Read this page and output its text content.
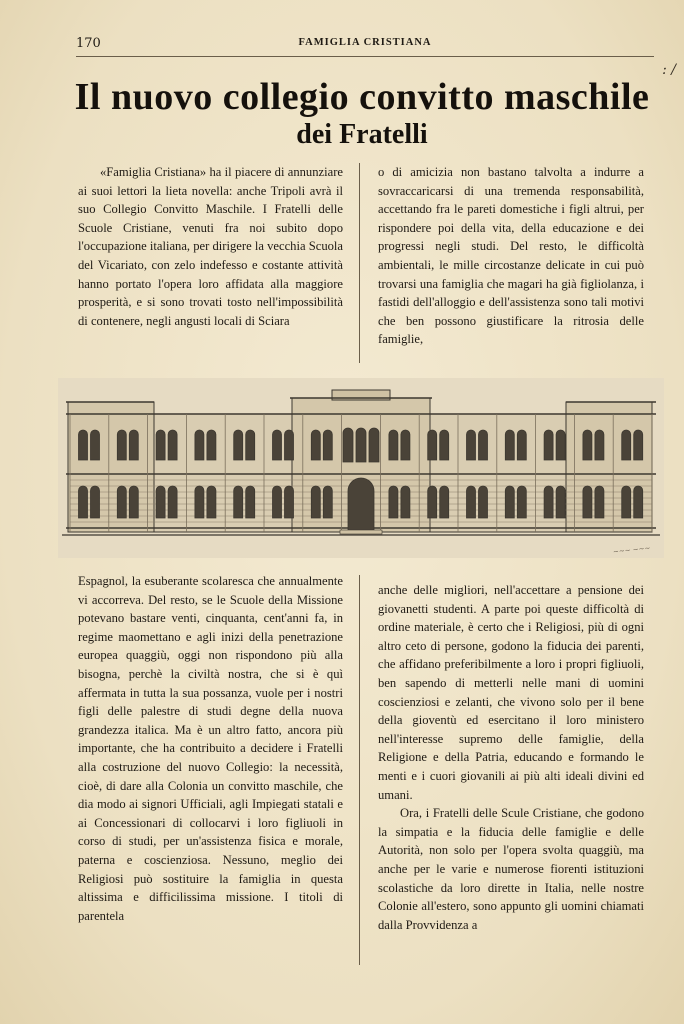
170	FAMIGLIA CRISTIANA
: /
Il nuovo collegio convitto maschile
dei Fratelli

«Famiglia Cristiana» ha il piacere di annunziare ai suoi lettori la lieta novella: anche Tripoli avrà il suo Collegio Convitto Maschile. I Fratelli delle Scuole Cristiane, venuti fra noi subito dopo l'occupazione italiana, per dirigere la vecchia Scuola del Vicariato, con zelo indefesso e costante attività hanno portato l'opera loro affidata alla maggiore prosperità, e si sono trovati tosto nell'impossibilità di contenere, negli angusti locali di Sciara

o di amicizia non bastano talvolta a indurre a sovraccaricarsi di una tremenda responsabilità, accettando fra le pareti domestiche i figli altrui, per rispondere poi della vita, della educazione e dei progressi negli studi. Del resto, le difficoltà ambientali, le mille circostanze delicate in cui può trovarsi una famiglia che magari ha già figliolanza, i fastidi dell'alloggio e dell'assistenza sono tali motivi che ben possono giustificare la ritrosia delle famiglie,

~~~ ~~~

Espagnol, la esuberante scolaresca che annualmente vi accorreva. Del resto, se le Scuole della Missione potevano bastare venti, cinquanta, cent'anni fa, in regime maomettano e agli inizi della penetrazione europea quaggiù, oggi non rispondono più alla bisogna, perchè la civiltà nostra, che si è quì affermata in tutta la sua possanza, vuole per i nostri figli delle palestre di studi degne della nuova grandezza italica. Ma è un altro fatto, ancora più importante, che ha contribuito a decidere i Fratelli alla costruzione del nuovo Collegio: la necessità, cioè, di dare alla Colonia un convitto maschile, che dia modo ai signori Ufficiali, agli Impiegati statali e ai Concessionari di collocarvi i loro figliuoli in corso di studi, per un'assistenza fisica e morale, paterna e coscienziosa. Nessuno, meglio dei Religiosi può sostituire la famiglia in questa altissima e difficilissima missione. I titoli di parentela

anche delle migliori, nell'accettare a pensione dei giovanetti studenti. A parte poi queste difficoltà di ordine materiale, è certo che i Religiosi, più di ogni altro ceto di persone, godono la fiducia dei parenti, che affidano preferibilmente a loro i propri figliuoli, ben sapendo di metterli nelle mani di uomini coscienziosi e zelanti, che vivono solo per il bene della gioventù ed esercitano il loro ministero nell'interesse supremo delle famiglie, della Religione e della Patria, educando e formando le menti e i cuori giovanili ai più alti ideali divini ed umani.

Ora, i Fratelli delle Scule Cristiane, che godono la simpatia e la fiducia delle famiglie e delle Autorità, non solo per l'opera svolta quaggiù, ma anche per le varie e numerose fiorenti istituzioni scolastiche da loro dirette in Italia, nelle nostre Colonie all'estero, sono appunto gli uomini chiamati dalla Provvidenza a
